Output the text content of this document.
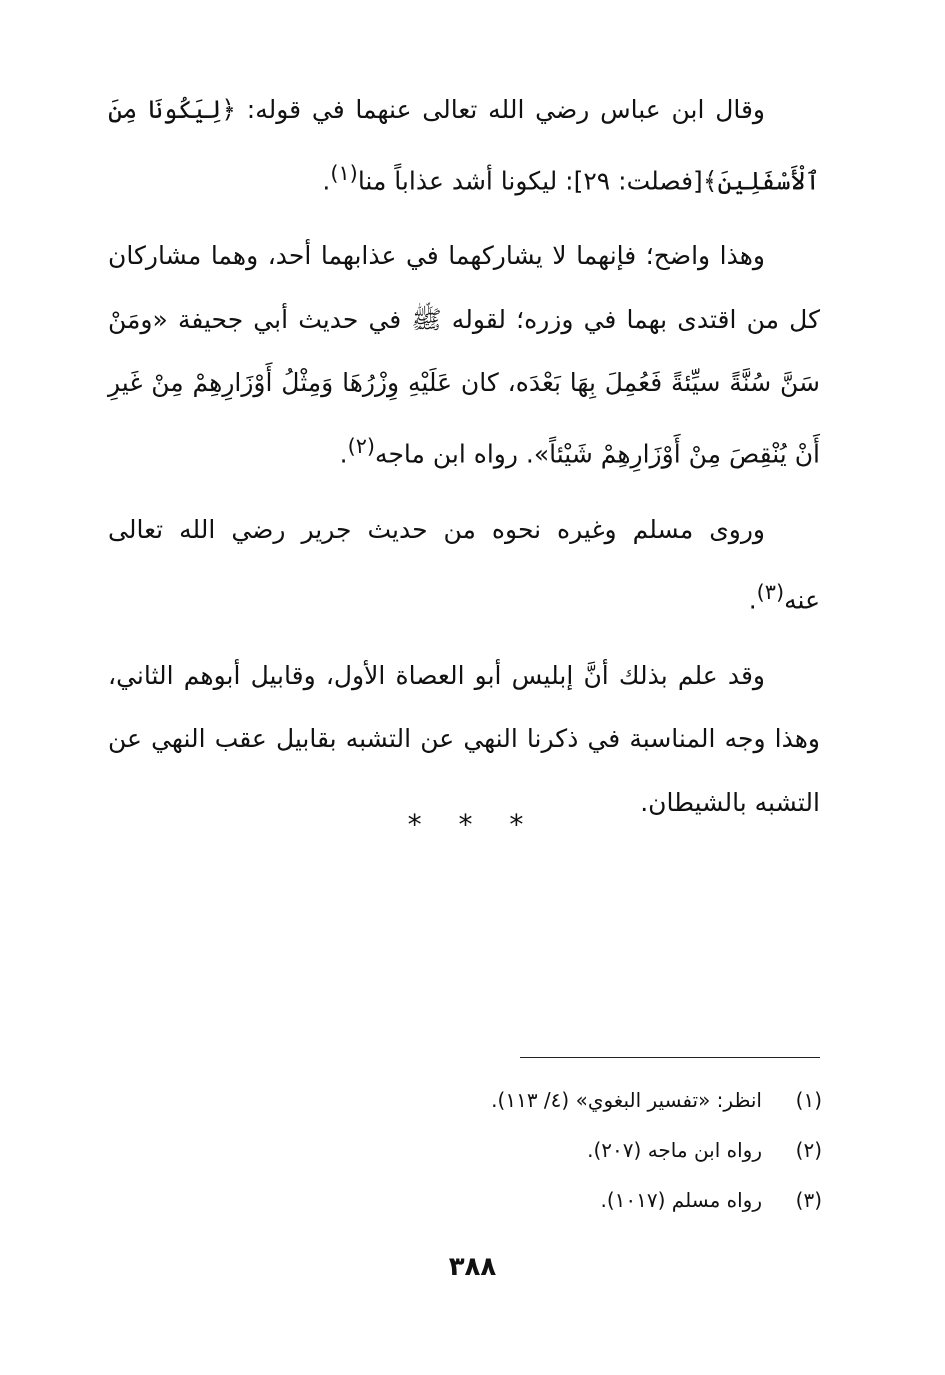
وقال ابن عباس رضي الله تعالى عنهما في قوله: ﴿لِيَكُونَا مِنَ ٱلْأَسْفَلِينَ﴾[فصلت: ٢٩]: ليكونا أشد عذاباً منا$^{(١)}$.

وهذا واضح؛ فإنهما لا يشاركهما في عذابهما أحد، وهما مشاركان كل من اقتدى بهما في وزره؛ لقوله ﷺ في حديث أبي جحيفة «ومَنْ سَنَّ سُنَّةً سيِّئةً فَعُمِلَ بِهَا بَعْدَه، كان عَلَيْهِ وِزْرُهَا وَمِثْلُ أَوْزَارِهِمْ مِنْ غَيرِ أَنْ يُنْقِصَ مِنْ أَوْزَارِهِمْ شَيْئاً». رواه ابن ماجه$^{(٢)}$.

وروى مسلم وغيره نحوه من حديث جرير رضي الله تعالى عنه$^{(٣)}$.

وقد علم بذلك أنَّ إبليس أبو العصاة الأول، وقابيل أبوهم الثاني، وهذا وجه المناسبة في ذكرنا النهي عن التشبه بقابيل عقب النهي عن التشبه بالشيطان.

* * *
(١)انظر: «تفسير البغوي» (٤/ ١١٣).
(٢)رواه ابن ماجه (٢٠٧).
(٣)رواه مسلم (١٠١٧).
٣٨٨
